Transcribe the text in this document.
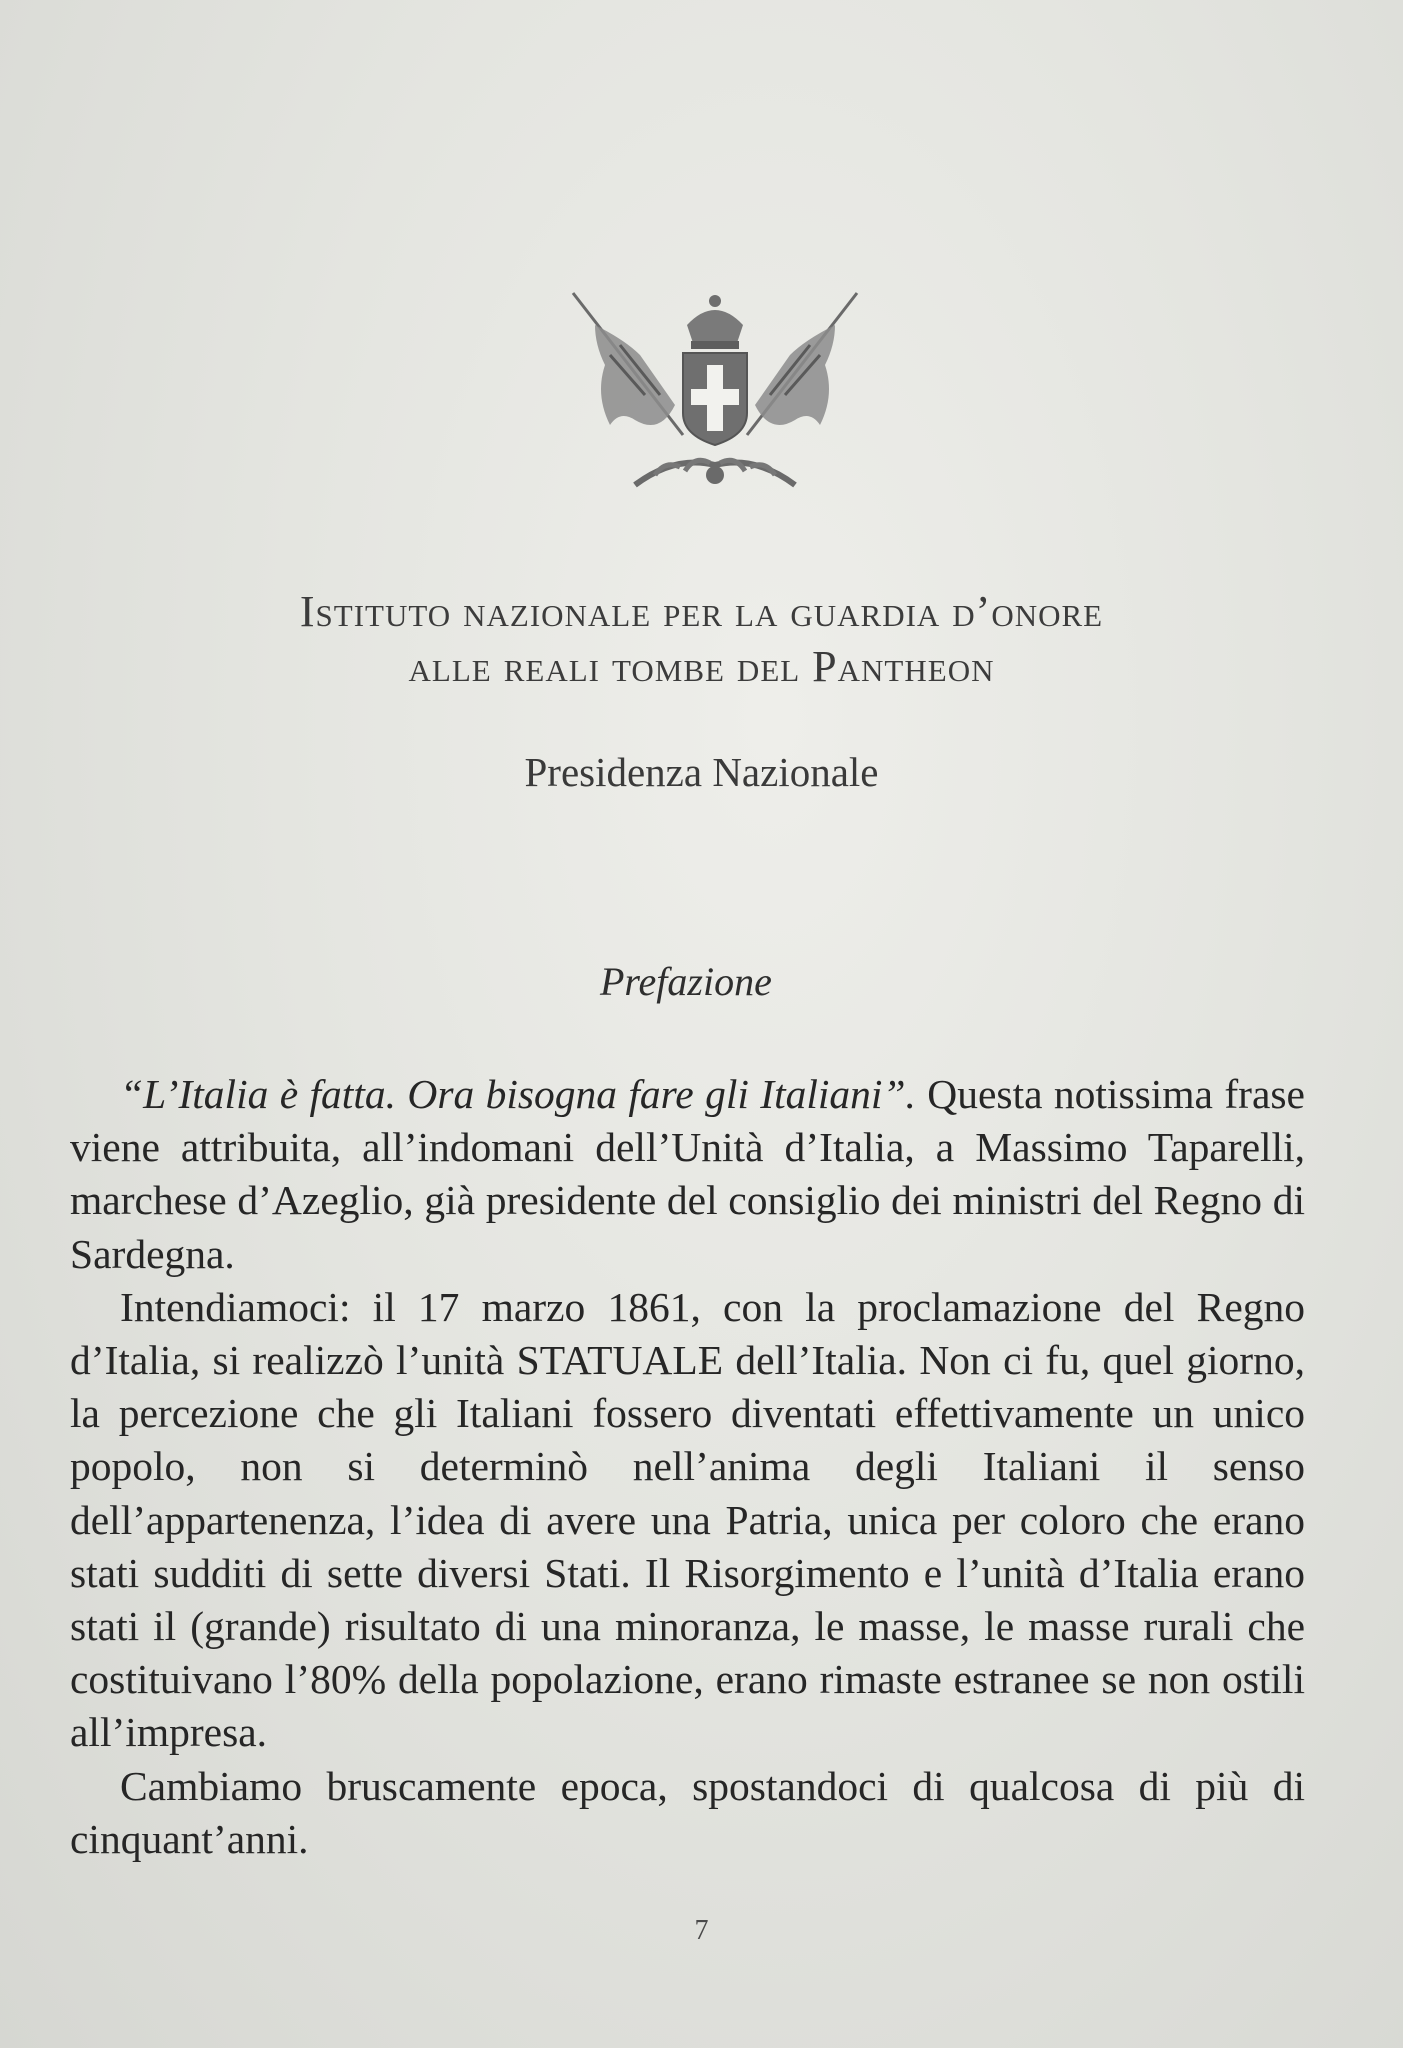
Istituto nazionale per la guardia d’onore
alle reali tombe del Pantheon
Presidenza Nazionale
Prefazione

“L’Italia è fatta. Ora bisogna fare gli Italiani”. Questa notissima frase viene attribuita, all’indomani dell’Unità d’Italia, a Massimo Taparelli, marchese d’Azeglio, già presidente del consiglio dei ministri del Regno di Sardegna.

Intendiamoci: il 17 marzo 1861, con la proclamazione del Regno d’Italia, si realizzò l’unità STATUALE dell’Italia. Non ci fu, quel giorno, la percezione che gli Italiani fossero diventati effettivamente un unico popolo, non si determinò nell’anima degli Italiani il senso dell’appartenenza, l’idea di avere una Patria, unica per coloro che erano stati sudditi di sette diversi Stati. Il Risorgimento e l’unità d’Italia erano stati il (grande) risultato di una minoranza, le masse, le masse rurali che costituivano l’80% della popolazione, erano rimaste estranee se non ostili all’impresa.

Cambiamo bruscamente epoca, spostandoci di qualcosa di più di cinquant’anni.

7
